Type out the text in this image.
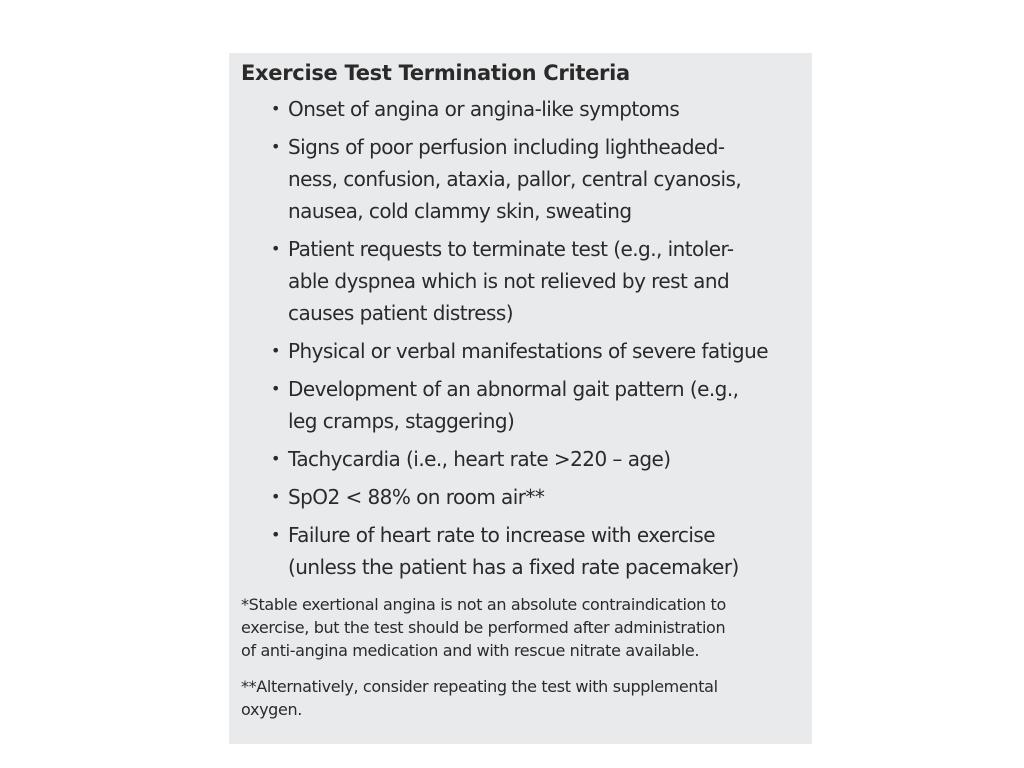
Exercise Test Termination Criteria
• Onset of angina or angina-like symptoms
• Signs of poor perfusion including lightheaded-
ness, confusion, ataxia, pallor, central cyanosis,
nausea, cold clammy skin, sweating
• Patient requests to terminate test (e.g., intoler-
able dyspnea which is not relieved by rest and
causes patient distress)
• Physical or verbal manifestations of severe fatigue
• Development of an abnormal gait pattern (e.g.,
leg cramps, staggering)
• Tachycardia (i.e., heart rate >220 – age)
• SpO2 < 88% on room air**
• Failure of heart rate to increase with exercise
(unless the patient has a fixed rate pacemaker)

*Stable exertional angina is not an absolute contraindication to
exercise, but the test should be performed after administration
of anti-angina medication and with rescue nitrate available.

**Alternatively, consider repeating the test with supplemental
oxygen.
